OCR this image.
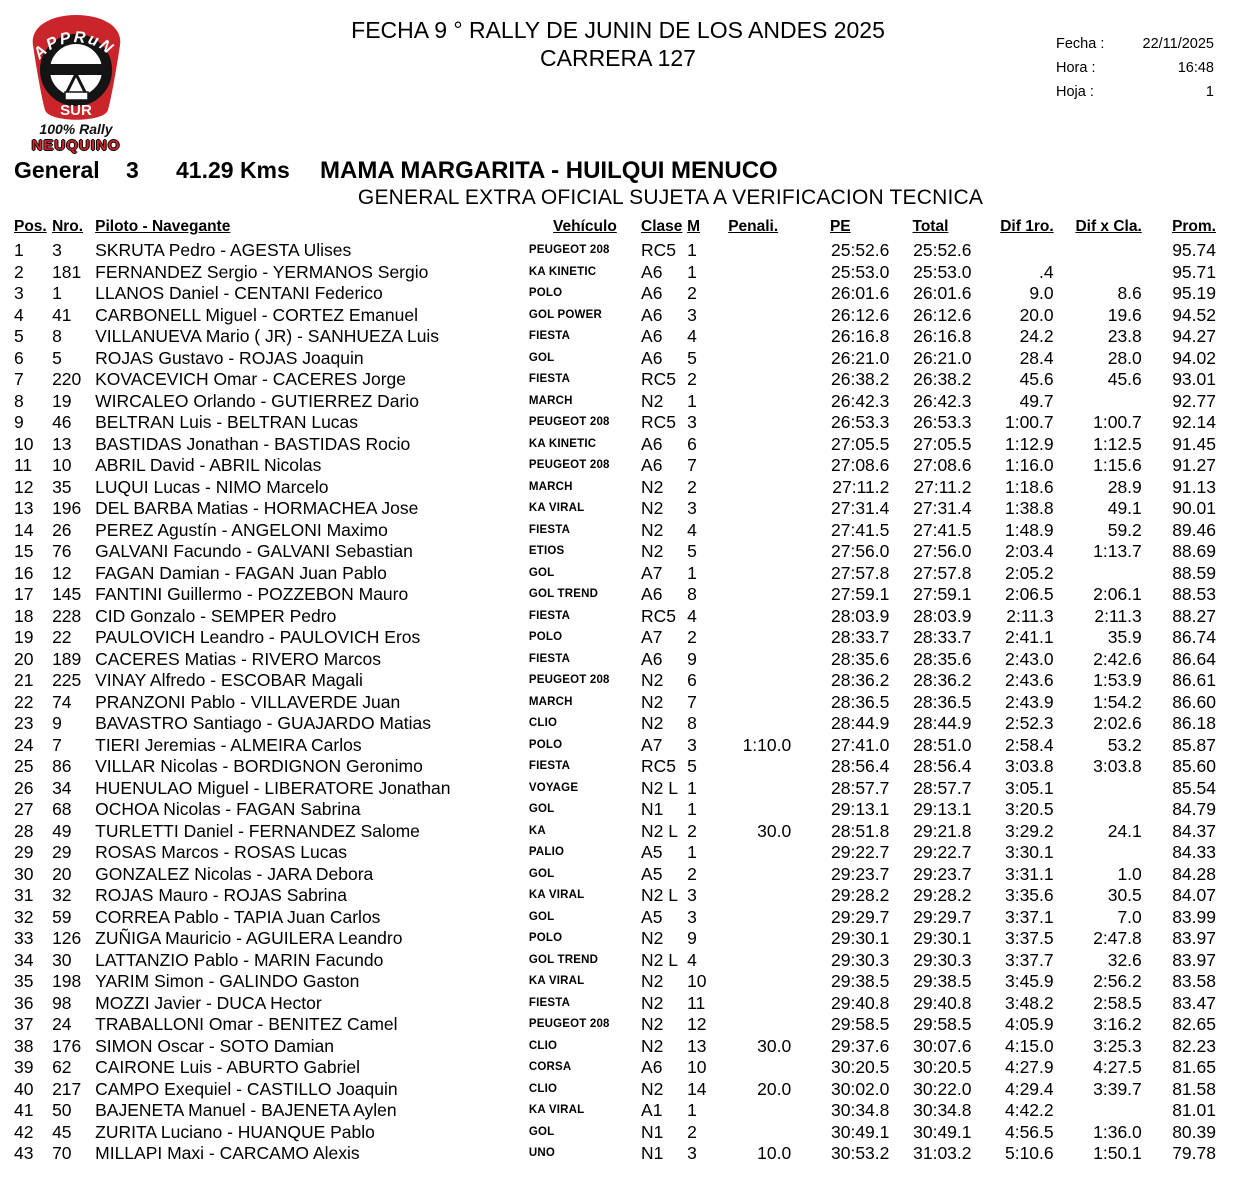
APPRuN
SUR
100% Rally
NEUQUINO
FECHA 9 ° RALLY DE JUNIN DE LOS ANDES 2025
CARRERA 127
Fecha :	22/11/2025
Hora :	16:48
Hoja :	1
General 3 41.29 Kms MAMA MARGARITA - HUILQUI MENUCO
GENERAL EXTRA OFICIAL SUJETA A VERIFICACION TECNICA
Pos.	Nro.	Piloto - Navegante	Vehículo	Clase	M	Penali.	PE	Total	Dif 1ro.	Dif x Cla.	Prom.
1	3	SKRUTA Pedro - AGESTA Ulises	PEUGEOT 208	RC5	1		25:52.6	25:52.6			95.74
2	181	FERNANDEZ Sergio - YERMANOS Sergio	KA KINETIC	A6	1		25:53.0	25:53.0	.4		95.71
3	1	LLANOS Daniel - CENTANI Federico	POLO	A6	2		26:01.6	26:01.6	9.0	8.6	95.19
4	41	CARBONELL Miguel - CORTEZ Emanuel	GOL POWER	A6	3		26:12.6	26:12.6	20.0	19.6	94.52
5	8	VILLANUEVA Mario ( JR) - SANHUEZA Luis	FIESTA	A6	4		26:16.8	26:16.8	24.2	23.8	94.27
6	5	ROJAS Gustavo - ROJAS Joaquin	GOL	A6	5		26:21.0	26:21.0	28.4	28.0	94.02
7	220	KOVACEVICH Omar - CACERES Jorge	FIESTA	RC5	2		26:38.2	26:38.2	45.6	45.6	93.01
8	19	WIRCALEO Orlando - GUTIERREZ Dario	MARCH	N2	1		26:42.3	26:42.3	49.7		92.77
9	46	BELTRAN Luis - BELTRAN Lucas	PEUGEOT 208	RC5	3		26:53.3	26:53.3	1:00.7	1:00.7	92.14
10	13	BASTIDAS Jonathan - BASTIDAS Rocio	KA KINETIC	A6	6		27:05.5	27:05.5	1:12.9	1:12.5	91.45
11	10	ABRIL David - ABRIL Nicolas	PEUGEOT 208	A6	7		27:08.6	27:08.6	1:16.0	1:15.6	91.27
12	35	LUQUI Lucas - NIMO Marcelo	MARCH	N2	2		27:11.2	27:11.2	1:18.6	28.9	91.13
13	196	DEL BARBA Matias - HORMACHEA Jose	KA VIRAL	N2	3		27:31.4	27:31.4	1:38.8	49.1	90.01
14	26	PEREZ Agustín - ANGELONI Maximo	FIESTA	N2	4		27:41.5	27:41.5	1:48.9	59.2	89.46
15	76	GALVANI Facundo - GALVANI Sebastian	ETIOS	N2	5		27:56.0	27:56.0	2:03.4	1:13.7	88.69
16	12	FAGAN Damian - FAGAN Juan Pablo	GOL	A7	1		27:57.8	27:57.8	2:05.2		88.59
17	145	FANTINI Guillermo - POZZEBON Mauro	GOL TREND	A6	8		27:59.1	27:59.1	2:06.5	2:06.1	88.53
18	228	CID Gonzalo - SEMPER Pedro	FIESTA	RC5	4		28:03.9	28:03.9	2:11.3	2:11.3	88.27
19	22	PAULOVICH Leandro - PAULOVICH Eros	POLO	A7	2		28:33.7	28:33.7	2:41.1	35.9	86.74
20	189	CACERES Matias - RIVERO Marcos	FIESTA	A6	9		28:35.6	28:35.6	2:43.0	2:42.6	86.64
21	225	VINAY Alfredo - ESCOBAR Magali	PEUGEOT 208	N2	6		28:36.2	28:36.2	2:43.6	1:53.9	86.61
22	74	PRANZONI Pablo - VILLAVERDE Juan	MARCH	N2	7		28:36.5	28:36.5	2:43.9	1:54.2	86.60
23	9	BAVASTRO Santiago - GUAJARDO Matias	CLIO	N2	8		28:44.9	28:44.9	2:52.3	2:02.6	86.18
24	7	TIERI Jeremias - ALMEIRA Carlos	POLO	A7	3	1:10.0	27:41.0	28:51.0	2:58.4	53.2	85.87
25	86	VILLAR Nicolas - BORDIGNON Geronimo	FIESTA	RC5	5		28:56.4	28:56.4	3:03.8	3:03.8	85.60
26	34	HUENULAO Miguel - LIBERATORE Jonathan	VOYAGE	N2 L	1		28:57.7	28:57.7	3:05.1		85.54
27	68	OCHOA Nicolas - FAGAN Sabrina	GOL	N1	1		29:13.1	29:13.1	3:20.5		84.79
28	49	TURLETTI Daniel - FERNANDEZ Salome	KA	N2 L	2	30.0	28:51.8	29:21.8	3:29.2	24.1	84.37
29	29	ROSAS Marcos - ROSAS Lucas	PALIO	A5	1		29:22.7	29:22.7	3:30.1		84.33
30	20	GONZALEZ Nicolas - JARA Debora	GOL	A5	2		29:23.7	29:23.7	3:31.1	1.0	84.28
31	32	ROJAS Mauro - ROJAS Sabrina	KA VIRAL	N2 L	3		29:28.2	29:28.2	3:35.6	30.5	84.07
32	59	CORREA Pablo - TAPIA Juan Carlos	GOL	A5	3		29:29.7	29:29.7	3:37.1	7.0	83.99
33	126	ZUÑIGA Mauricio - AGUILERA Leandro	POLO	N2	9		29:30.1	29:30.1	3:37.5	2:47.8	83.97
34	30	LATTANZIO Pablo - MARIN Facundo	GOL TREND	N2 L	4		29:30.3	29:30.3	3:37.7	32.6	83.97
35	198	YARIM Simon - GALINDO Gaston	KA VIRAL	N2	10		29:38.5	29:38.5	3:45.9	2:56.2	83.58
36	98	MOZZI Javier - DUCA Hector	FIESTA	N2	11		29:40.8	29:40.8	3:48.2	2:58.5	83.47
37	24	TRABALLONI Omar - BENITEZ Camel	PEUGEOT 208	N2	12		29:58.5	29:58.5	4:05.9	3:16.2	82.65
38	176	SIMON Oscar - SOTO Damian	CLIO	N2	13	30.0	29:37.6	30:07.6	4:15.0	3:25.3	82.23
39	62	CAIRONE Luis - ABURTO Gabriel	CORSA	A6	10		30:20.5	30:20.5	4:27.9	4:27.5	81.65
40	217	CAMPO Exequiel - CASTILLO Joaquin	CLIO	N2	14	20.0	30:02.0	30:22.0	4:29.4	3:39.7	81.58
41	50	BAJENETA Manuel - BAJENETA Aylen	KA VIRAL	A1	1		30:34.8	30:34.8	4:42.2		81.01
42	45	ZURITA Luciano - HUANQUE Pablo	GOL	N1	2		30:49.1	30:49.1	4:56.5	1:36.0	80.39
43	70	MILLAPI Maxi - CARCAMO Alexis	UNO	N1	3	10.0	30:53.2	31:03.2	5:10.6	1:50.1	79.78
